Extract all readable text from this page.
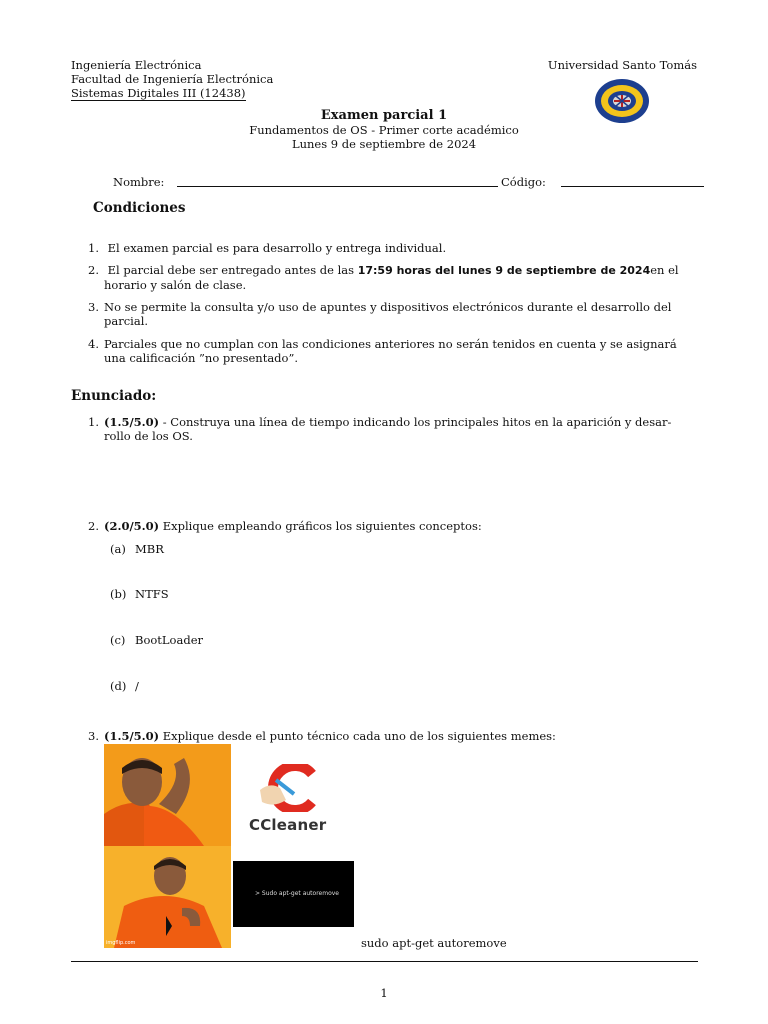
Ingeniería Electrónica
Facultad de Ingeniería Electrónica
Sistemas Digitales III (12438)
Universidad Santo Tomás
Examen parcial 1
Fundamentos de OS - Primer corte académico
Lunes 9 de septiembre de 2024
Nombre:	Código:
Condiciones
1. El examen parcial es para desarrollo y entrega individual.
2. El parcial debe ser entregado antes de las 17:59 horas del lunes 9 de septiembre de 2024en el
horario y salón de clase.
3. No se permite la consulta y/o uso de apuntes y dispositivos electrónicos durante el desarrollo del
parcial.
4. Parciales que no cumplan con las condiciones anteriores no serán tenidos en cuenta y se asignará
una calificación ”no presentado”.
Enunciado:
1. (1.5/5.0) - Construya una línea de tiempo indicando los principales hitos en la aparición y desar-
rollo de los OS.
2. (2.0/5.0) Explique empleando gráficos los siguientes conceptos:
(a) MBR
(b) NTFS
(c) BootLoader
(d) /
3. (1.5/5.0) Explique desde el punto técnico cada uno de los siguientes memes:
imgflip.com
CCleaner
> Sudo apt-get autoremove
sudo apt-get autoremove
1
